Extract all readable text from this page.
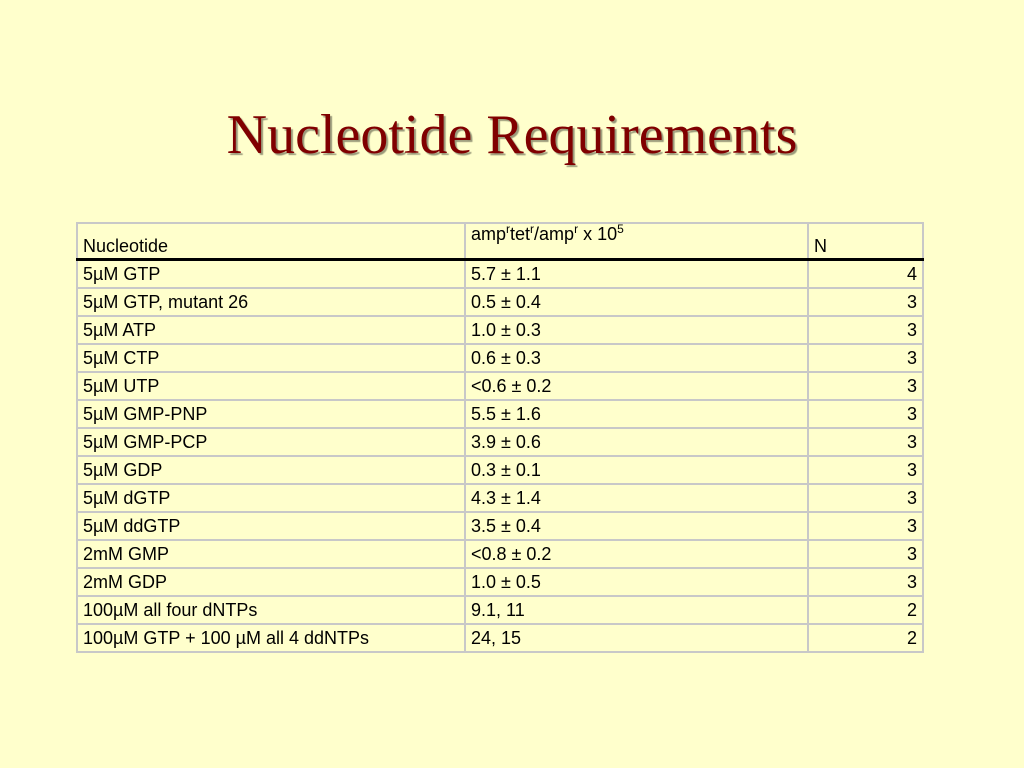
Nucleotide Requirements
Nucleotide	amp$^r$tet$^r$/amp$^r$ x $10^5$	N
5µM GTP	5.7 ± 1.1	4
5µM GTP, mutant 26	0.5 ± 0.4	3
5µM ATP	1.0 ± 0.3	3
5µM CTP	0.6 ± 0.3	3
5µM UTP	<0.6 ± 0.2	3
5µM GMP-PNP	5.5 ± 1.6	3
5µM GMP-PCP	3.9 ± 0.6	3
5µM GDP	0.3 ± 0.1	3
5µM dGTP	4.3 ± 1.4	3
5µM ddGTP	3.5 ± 0.4	3
2mM GMP	<0.8 ± 0.2	3
2mM GDP	1.0 ± 0.5	3
100µM all four dNTPs	9.1, 11	2
100µM GTP + 100 µM all 4 ddNTPs	24, 15	2
